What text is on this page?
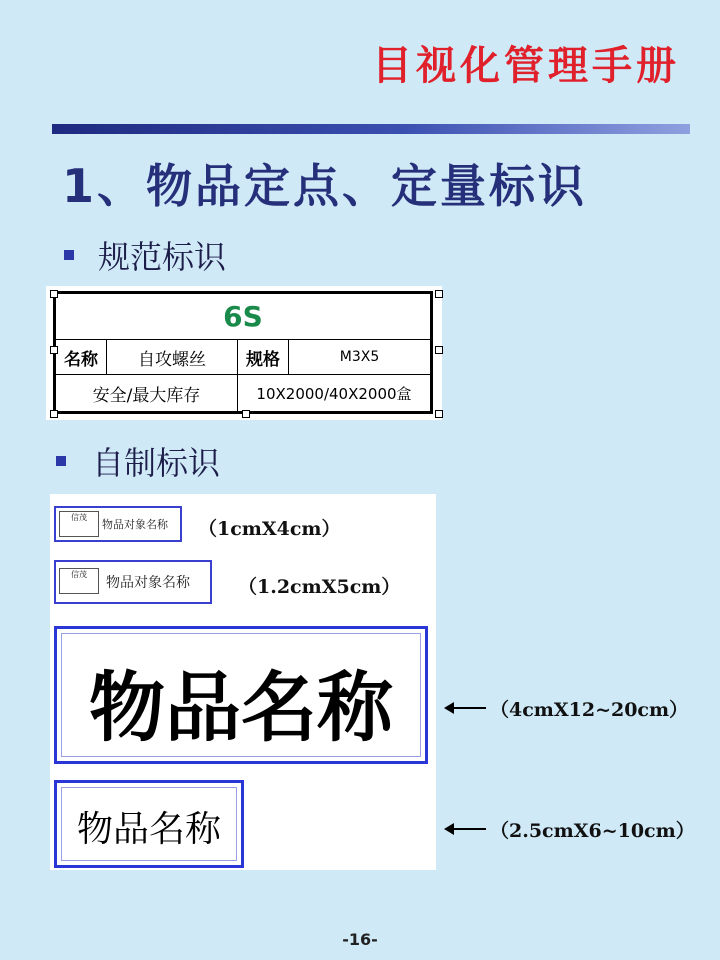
目视化管理手册
1、物品定点、定量标识
规范标识
6S			
名称	自攻螺丝	规格	M3X5
安全/最大库存		10X2000/40X2000盒	
自制标识
信茂
物品对象名称
信茂
物品对象名称
物品名称
物品名称
（1cmX4cm）
（1.2cmX5cm）
（4cmX12~20cm）
（2.5cmX6~10cm）
-16-
